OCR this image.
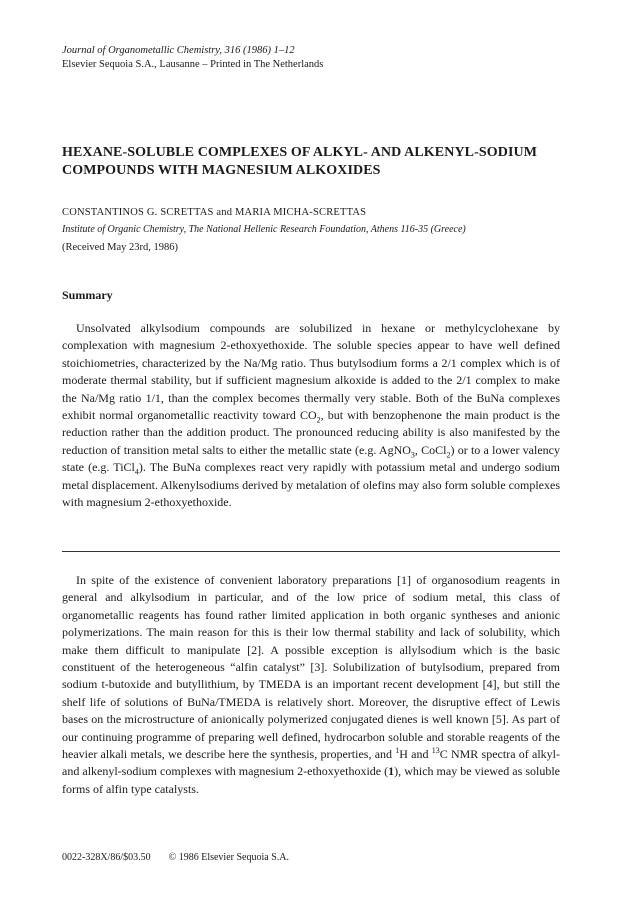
Journal of Organometallic Chemistry, 316 (1986) 1–12
Elsevier Sequoia S.A., Lausanne – Printed in The Netherlands
HEXANE-SOLUBLE COMPLEXES OF ALKYL- AND ALKENYL-SODIUM
COMPOUNDS WITH MAGNESIUM ALKOXIDES
CONSTANTINOS G. SCRETTAS and MARIA MICHA-SCRETTAS
Institute of Organic Chemistry, The National Hellenic Research Foundation, Athens 116-35 (Greece)
(Received May 23rd, 1986)
Summary
Unsolvated alkylsodium compounds are solubilized in hexane or methylcyclohexane by complexation with magnesium 2-ethoxyethoxide. The soluble species appear to have well defined stoichiometries, characterized by the Na/Mg ratio. Thus butylsodium forms a 2/1 complex which is of moderate thermal stability, but if sufficient magnesium alkoxide is added to the 2/1 complex to make the Na/Mg ratio 1/1, than the complex becomes thermally very stable. Both of the BuNa complexes exhibit normal organometallic reactivity toward $CO_2$, but with benzophenone the main product is the reduction rather than the addition product. The pronounced reducing ability is also manifested by the reduction of transition metal salts to either the metallic state (e.g. AgNO$_3$, CoCl$_2$) or to a lower valency state (e.g. TiCl$_4$). The BuNa complexes react very rapidly with potassium metal and undergo sodium metal displacement. Alkenylsodiums derived by metalation of olefins may also form soluble complexes with magnesium 2-ethoxyethoxide.
In spite of the existence of convenient laboratory preparations [1] of organosodium reagents in general and alkylsodium in particular, and of the low price of sodium metal, this class of organometallic reagents has found rather limited application in both organic syntheses and anionic polymerizations. The main reason for this is their low thermal stability and lack of solubility, which make them difficult to manipulate [2]. A possible exception is allylsodium which is the basic constituent of the heterogeneous “alfin catalyst” [3]. Solubilization of butylsodium, prepared from sodium t-butoxide and butyllithium, by TMEDA is an important recent development [4], but still the shelf life of solutions of BuNa/TMEDA is relatively short. Moreover, the disruptive effect of Lewis bases on the microstructure of anionically polymerized conjugated dienes is well known [5]. As part of our continuing programme of preparing well defined, hydrocarbon soluble and storable reagents of the heavier alkali metals, we describe here the synthesis, properties, and $^1$H and $^{13}$C NMR spectra of alkyl- and alkenyl-sodium complexes with magnesium 2-ethoxyethoxide (1), which may be viewed as soluble forms of alfin type catalysts.
0022-328X/86/$03.50 © 1986 Elsevier Sequoia S.A.
